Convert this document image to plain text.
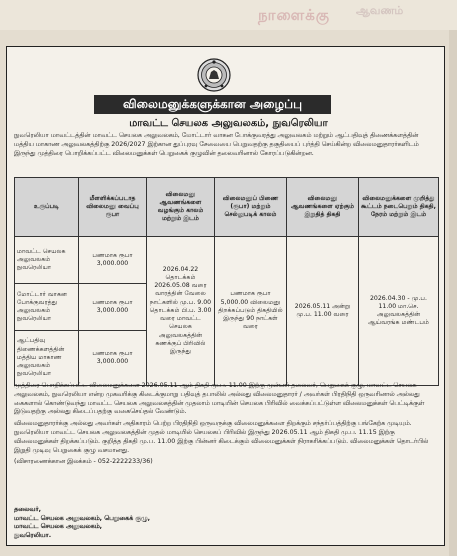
நாளைக்கு ஆவணம்
விலைமனுக்களுக்கான அழைப்பு
மாவட்ட செயலக அலுவலகம், நுவரெலியா
நுவரெலியா மாவட்டத்தின் மாவட்ட செயலக அலுவலகம், மோட்டார் வாகன போக்குவரத்து அலுவலகம் மற்றும் ஆட்பதிவுத் திணைக்களத்தின் மத்திய மாகாண அலுவலகத்திற்கு 2026/2027 இற்கான துப்புரவு சேவையை பெறுவதற்கு தகுதியைப் புர்த்தி செய்கின்ற விலைமனுதாரர்களிடம் இருந்து முத்திரை பொறிக்கப்பட்ட விலைமனுக்கள் பெறுகைக் குழுவின் தலைவரினால் கோரப்படுகின்றன.
உருப்படி	மீளளிக்கப்படாத விலைமனு வைப்பு ரூபா	விலைமனு ஆவணங்களை வழங்கும் காலம் மற்றும் இடம்	விலைமனுப் பிணை (ரூபா) மற்றும் செல்லுபடிக் காலம்	விலைமனு ஆவணங்களை ஏற்கும் இறுதித் திகதி	விலைமனுக்களை முறித்து கூட்டம் நடைபெறும் திகதி, நேரம் மற்றும் இடம்
மாவட்ட செயலக அலுவலகம் நுவரெலியா	பணமாக ரூபா 3,000.000	2026.04.22 தொடக்கம் 2026.05.08 வரை வாரத்தின் வேலை நாட்களில் மு.ப. 9.00 தொடக்கம் பி.ப. 3.00 வரை மாவட்ட செயலக அலுவலகத்தின் கணக்குப் பிரிவில் இருந்து	பணமாக ரூபா 5,000.00 விலைமனு திறக்கப்படும் திகதியில் இருந்து 90 நாட்கள் வரை	2026.05.11 அன்று மு.ப. 11.00 வரை	2026.04.30 - மு.ப. 11.00 மா.செ. அலுவலகத்தின் ஆய்வரங்க மண்டபம்
மோட்டார் வாகன போக்குவரத்து அலுவலகம் நுவரெலியா	பணமாக ரூபா 3,000.000				
ஆட்பதிவு திணைக்களத்தின் மத்திய மாகாண அலுவலகம் நுவரெலியா	பணமாக ரூபா 3,000.000				

முத்திரை பொறிக்கப்பட்ட விலைமனுக்களை 2026.05.11 ஆம் திகதி மு.ப. 11.00 இற்கு முன்னர் தலைவர், பெறுகைக் குழு, மாவட்ட செயலக அலுவலகம், நுவரெலியா என்ற முகவரிக்கு கிடைக்குமாறு பதிவுத் தபாலில் அல்லது விலைமனுதாரர் / அவர்கள் பிரதிநிதி ஒருவரினால் அல்லது கைகளால் கொண்டுவந்து மாவட்ட செயலக அலுவலகத்தின் முதலாம் மாடியின் செயலக பிரிவில் வைக்கப்பட்டுள்ள விலைமனுக்கள் பெட்டிக்குள் இடுவதற்கு அல்லது கிடைப்பதற்கு வகைசெய்தல் வேண்டும்.

விலைமனுதாரர்க்கு அல்லது அவர்கள் அதிகாரம் பெற்ற பிரதிநிதி ஒருவருக்கு விலைமனுக்களை திறக்கும் சந்தர்ப்பத்திற்கு பங்கேற்க முடியும். நுவரெலியா மாவட்ட செயலக அலுவலகத்தின் முதல் மாடியில் செயலகப் பிரிவில் இருந்து 2026.05.11 ஆம் திகதி மு.ப. 11.15 இற்கு விலைமனுக்கள் திறக்கப்படும். குறித்த திகதி மு.ப. 11.00 இற்கு பின்னர் கிடைக்கும் விலைமனுக்கள் நிராகரிக்கப்படும். விலைமனுக்கள் தொடர்பில் இறுதி முடிவு பெறுகைக் குழு வசமானது.

(விசாரணைக்கான இலக்கம் - 052-2222233/36)

தலைவர்,
மாவட்ட செயலக அலுவலகம், பெறுகைக் குழு,
மாவட்ட செயலக அலுவலகம்,
நுவரெலியா.
